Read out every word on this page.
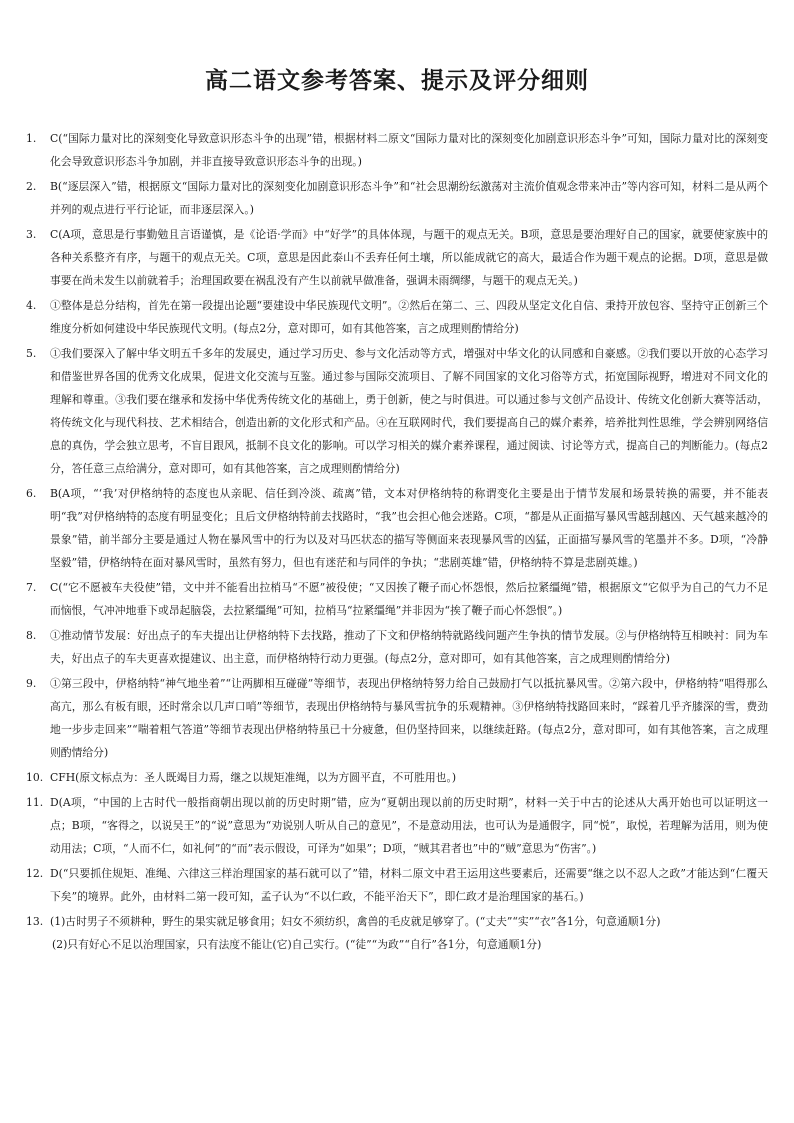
高二语文参考答案、提示及评分细则
1. C(“国际力量对比的深刻变化导致意识形态斗争的出现”错，根据材料二原文“国际力量对比的深刻变化加剧意识形态斗争”可知，国际力量对比的深刻变化会导致意识形态斗争加剧，并非直接导致意识形态斗争的出现。)
2. B(“逐层深入”错，根据原文“国际力量对比的深刻变化加剧意识形态斗争”和“社会思潮纷纭激荡对主流价值观念带来冲击”等内容可知，材料二是从两个并列的观点进行平行论证，而非逐层深入。)
3. C(A项，意思是行事勤勉且言语谨慎，是《论语·学而》中“好学”的具体体现，与题干的观点无关。B项，意思是要治理好自己的国家，就要使家族中的各种关系整齐有序，与题干的观点无关。C项，意思是因此泰山不丢弃任何土壤，所以能成就它的高大，最适合作为题干观点的论据。D项，意思是做事要在尚未发生以前就着手；治理国政要在祸乱没有产生以前就早做准备，强调未雨绸缪，与题干的观点无关。)
4. ①整体是总分结构，首先在第一段提出论题“要建设中华民族现代文明”。②然后在第二、三、四段从坚定文化自信、秉持开放包容、坚持守正创新三个维度分析如何建设中华民族现代文明。(每点2分，意对即可，如有其他答案，言之成理则酌情给分)
5. ①我们要深入了解中华文明五千多年的发展史，通过学习历史、参与文化活动等方式，增强对中华文化的认同感和自豪感。②我们要以开放的心态学习和借鉴世界各国的优秀文化成果，促进文化交流与互鉴。通过参与国际交流项目、了解不同国家的文化习俗等方式，拓宽国际视野，增进对不同文化的理解和尊重。③我们要在继承和发扬中华优秀传统文化的基础上，勇于创新，使之与时俱进。可以通过参与文创产品设计、传统文化创新大赛等活动，将传统文化与现代科技、艺术相结合，创造出新的文化形式和产品。④在互联网时代，我们要提高自己的媒介素养，培养批判性思维，学会辨别网络信息的真伪，学会独立思考，不盲目跟风，抵制不良文化的影响。可以学习相关的媒介素养课程，通过阅读、讨论等方式，提高自己的判断能力。(每点2分，答任意三点给满分，意对即可，如有其他答案，言之成理则酌情给分)
6. B(A项，“‘我’对伊格纳特的态度也从亲昵、信任到冷淡、疏离”错，文本对伊格纳特的称谓变化主要是出于情节发展和场景转换的需要，并不能表明“我”对伊格纳特的态度有明显变化；且后文伊格纳特前去找路时，“我”也会担心他会迷路。C项，“都是从正面描写暴风雪越刮越凶、天气越来越冷的景象”错，前半部分主要是通过人物在暴风雪中的行为以及对马匹状态的描写等侧面来表现暴风雪的凶猛，正面描写暴风雪的笔墨并不多。D项，“冷静坚毅”错，伊格纳特在面对暴风雪时，虽然有努力，但也有迷茫和与同伴的争执；“悲剧英雄”错，伊格纳特不算是悲剧英雄。)
7. C(“它不愿被车夫役使”错，文中并不能看出拉梢马“不愿”被役使；“又因挨了鞭子而心怀怨恨，然后拉紧缰绳”错，根据原文“它似乎为自己的气力不足而恼恨，气冲冲地垂下或昂起脑袋，去拉紧缰绳”可知，拉梢马“拉紧缰绳”并非因为“挨了鞭子而心怀怨恨”。)
8. ①推动情节发展：好出点子的车夫提出让伊格纳特下去找路，推动了下文和伊格纳特就路线问题产生争执的情节发展。②与伊格纳特互相映衬：同为车夫，好出点子的车夫更喜欢提建议、出主意，而伊格纳特行动力更强。(每点2分，意对即可，如有其他答案，言之成理则酌情给分)
9. ①第三段中，伊格纳特“神气地坐着”“让两脚相互碰碰”等细节，表现出伊格纳特努力给自己鼓励打气以抵抗暴风雪。②第六段中，伊格纳特“唱得那么高亢，那么有板有眼，还时常余以几声口哨”等细节，表现出伊格纳特与暴风雪抗争的乐观精神。③伊格纳特找路回来时，“踩着几乎齐膝深的雪，费劲地一步步走回来”“喘着粗气答道”等细节表现出伊格纳特虽已十分疲惫，但仍坚持回来，以继续赶路。(每点2分，意对即可，如有其他答案，言之成理则酌情给分)
10. CFH(原文标点为：圣人既竭目力焉，继之以规矩准绳，以为方圆平直，不可胜用也。)
11. D(A项，“中国的上古时代一般指商朝出现以前的历史时期”错，应为“夏朝出现以前的历史时期”，材料一关于中古的论述从大禹开始也可以证明这一点；B项，“客得之，以说吴王”的“说”意思为“劝说别人听从自己的意见”，不是意动用法，也可认为是通假字，同“悦”，取悦，若理解为活用，则为使动用法；C项，“人而不仁，如礼何”的“而”表示假设，可译为“如果”；D项，“贼其君者也”中的“贼”意思为“伤害”。)
12. D(“只要抓住规矩、准绳、六律这三样治理国家的基石就可以了”错，材料二原文中君王运用这些要素后，还需要“继之以不忍人之政”才能达到“仁覆天下矣”的境界。此外，由材料二第一段可知，孟子认为“不以仁政，不能平治天下”，即仁政才是治理国家的基石。)
13. (1)古时男子不须耕种，野生的果实就足够食用；妇女不须纺织，禽兽的毛皮就足够穿了。(“丈夫”“实”“衣”各1分，句意通顺1分)
(2)只有好心不足以治理国家，只有法度不能让(它)自己实行。(“徒”“为政”“自行”各1分，句意通顺1分)
